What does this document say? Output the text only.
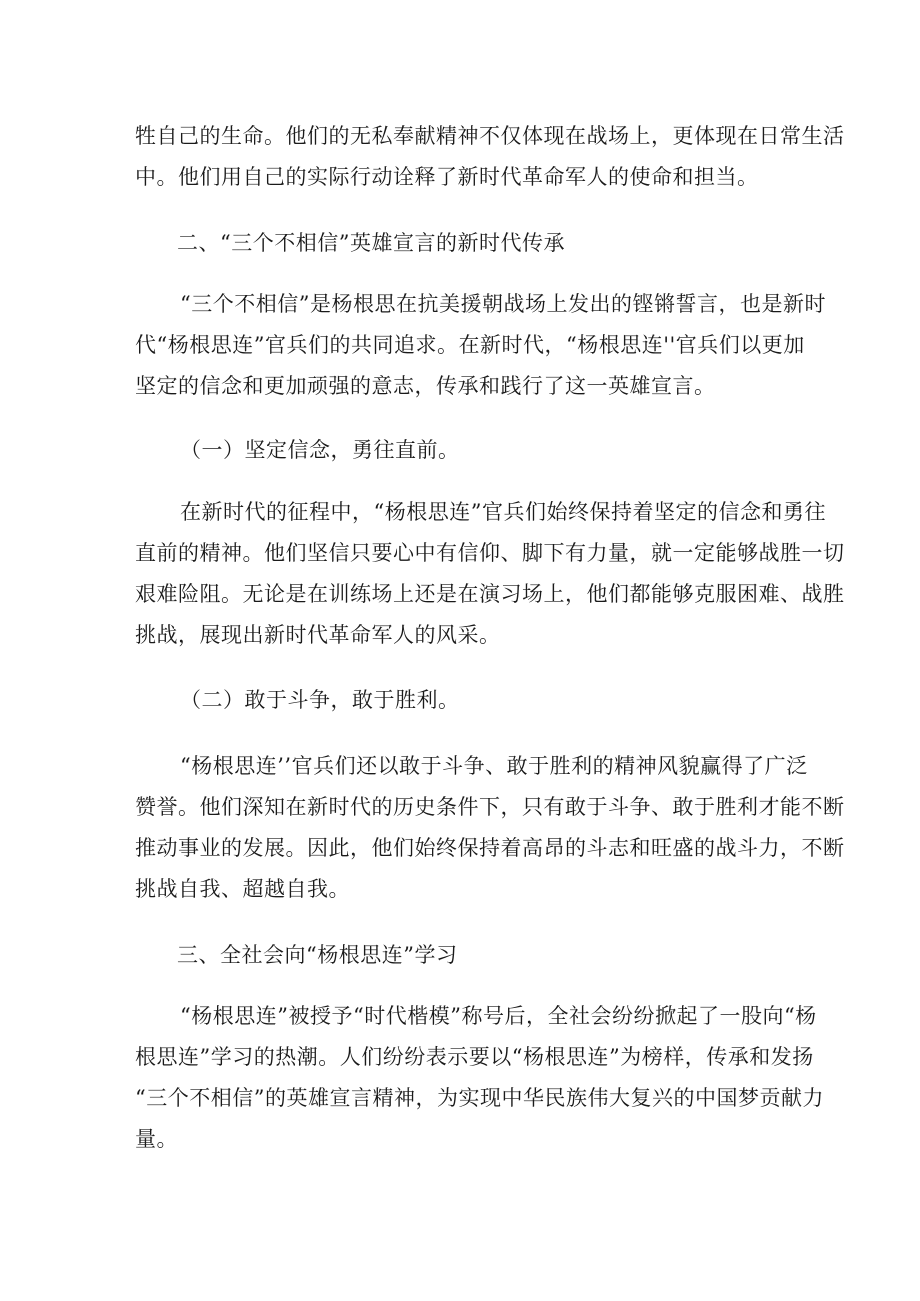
牲自己的生命。他们的无私奉献精神不仅体现在战场上，更体现在日常生活
中。他们用自己的实际行动诠释了新时代革命军人的使命和担当。
二、“三个不相信”英雄宣言的新时代传承
“三个不相信”是杨根思在抗美援朝战场上发出的铿锵誓言，也是新时
代“杨根思连”官兵们的共同追求。在新时代，“杨根思连''官兵们以更加
坚定的信念和更加顽强的意志，传承和践行了这一英雄宣言。
（一）坚定信念，勇往直前。
在新时代的征程中，“杨根思连”官兵们始终保持着坚定的信念和勇往
直前的精神。他们坚信只要心中有信仰、脚下有力量，就一定能够战胜一切
艰难险阻。无论是在训练场上还是在演习场上，他们都能够克服困难、战胜
挑战，展现出新时代革命军人的风采。
（二）敢于斗争，敢于胜利。
“杨根思连’’官兵们还以敢于斗争、敢于胜利的精神风貌赢得了广泛
赞誉。他们深知在新时代的历史条件下，只有敢于斗争、敢于胜利才能不断
推动事业的发展。因此，他们始终保持着高昂的斗志和旺盛的战斗力，不断
挑战自我、超越自我。
三、全社会向“杨根思连”学习
“杨根思连”被授予“时代楷模”称号后，全社会纷纷掀起了一股向“杨
根思连”学习的热潮。人们纷纷表示要以“杨根思连”为榜样，传承和发扬
“三个不相信”的英雄宣言精神，为实现中华民族伟大复兴的中国梦贡献力
量。
